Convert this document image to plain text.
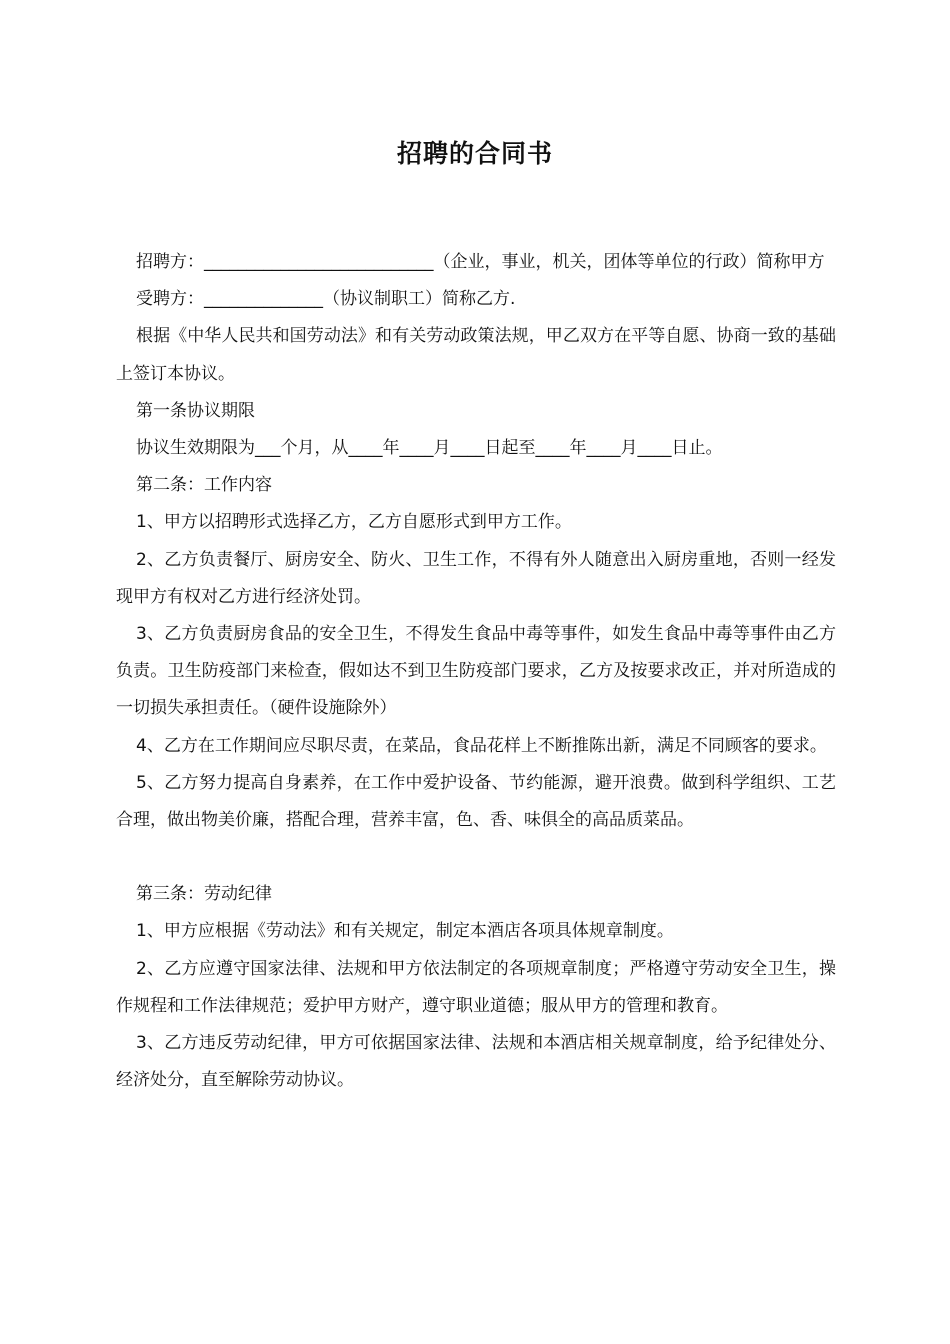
招聘的合同书

招聘方：___________________________（企业，事业，机关，团体等单位的行政）简称甲方

受聘方：______________（协议制职工）简称乙方.

根据《中华人民共和国劳动法》和有关劳动政策法规，甲乙双方在平等自愿、协商一致的基础上签订本协议。

第一条协议期限

协议生效期限为___个月，从____年____月____日起至____年____月____日止。

第二条：工作内容

1、甲方以招聘形式选择乙方，乙方自愿形式到甲方工作。

2、乙方负责餐厅、厨房安全、防火、卫生工作，不得有外人随意出入厨房重地，否则一经发现甲方有权对乙方进行经济处罚。

3、乙方负责厨房食品的安全卫生，不得发生食品中毒等事件，如发生食品中毒等事件由乙方负责。卫生防疫部门来检查，假如达不到卫生防疫部门要求，乙方及按要求改正，并对所造成的一切损失承担责任。（硬件设施除外）

4、乙方在工作期间应尽职尽责，在菜品，食品花样上不断推陈出新，满足不同顾客的要求。

5、乙方努力提高自身素养，在工作中爱护设备、节约能源，避开浪费。做到科学组织、工艺合理，做出物美价廉，搭配合理，营养丰富，色、香、味俱全的高品质菜品。

第三条：劳动纪律

1、甲方应根据《劳动法》和有关规定，制定本酒店各项具体规章制度。

2、乙方应遵守国家法律、法规和甲方依法制定的各项规章制度；严格遵守劳动安全卫生，操作规程和工作法律规范；爱护甲方财产，遵守职业道德；服从甲方的管理和教育。

3、乙方违反劳动纪律，甲方可依据国家法律、法规和本酒店相关规章制度，给予纪律处分、经济处分，直至解除劳动协议。
